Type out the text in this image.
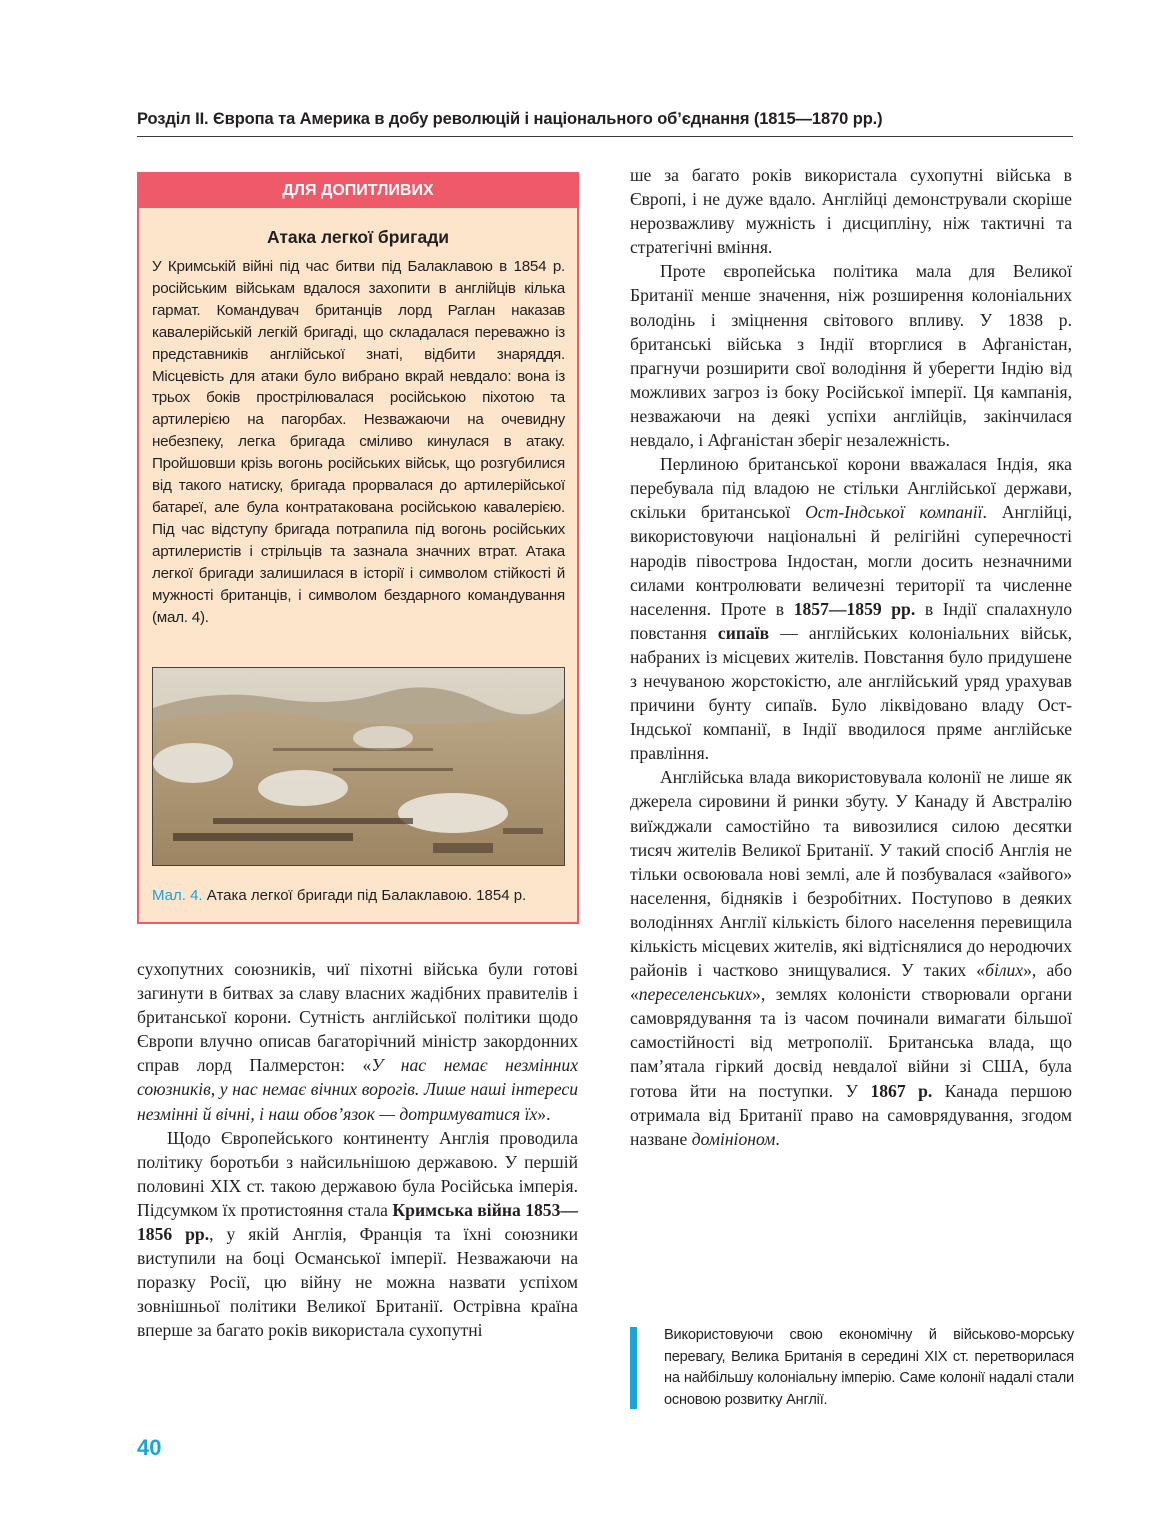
Розділ ІІ. Європа та Америка в добу революцій і національного об’єднання (1815—1870 рр.)
ДЛЯ ДОПИТЛИВИХ
Атака легкої бригади
У Кримській війні під час битви під Балаклавою в 1854 р. російським військам вдалося захопити в англійців кілька гармат. Командувач британців лорд Раглан наказав кавалерійській легкій бригаді, що складалася переважно із представників англійської знаті, відбити знаряддя. Місцевість для атаки було вибрано вкрай невдало: вона із трьох боків прострілювалася російською піхотою та артилерією на пагорбах. Незважаючи на очевидну небезпеку, легка бригада сміливо кинулася в атаку. Пройшовши крізь вогонь російських військ, що розгубилися від такого натиску, бригада прорвалася до артилерійської батареї, але була контратакована російською кавалерією. Під час відступу бригада потрапила під вогонь російських артилеристів і стрільців та зазнала значних втрат. Атака легкої бригади залишилася в історії і символом стійкості й мужності британців, і символом бездарного командування (мал. 4).
Мал. 4. Атака легкої бригади під Балаклавою. 1854 р.

сухопутних союзників, чиї піхотні війська були готові загинути в битвах за славу власних жадібних правителів і британської корони. Сутність англійської політики щодо Європи влучно описав багаторічний міністр закордонних справ лорд Палмерстон: «У нас немає незмінних союзників, у нас немає вічних ворогів. Лише наші інтереси незмінні й вічні, і наш обов’язок — дотримуватися їх».

Щодо Європейського континенту Англія проводила політику боротьби з найсильнішою державою. У першій половині XIX ст. такою державою була Російська імперія. Підсумком їх протистояння стала Кримська війна 1853—1856 рр., у якій Англія, Франція та їхні союзники виступили на боці Османської імперії. Незважаючи на поразку Росії, цю війну не можна назвати успіхом зовнішньої політики Великої Британії. Острівна країна вперше за багато років використала сухопутні

ше за багато років використала сухопутні війська в Європі, і не дуже вдало. Англійці демонстрували скоріше нерозважливу мужність і дисципліну, ніж тактичні та стратегічні вміння.

Проте європейська політика мала для Великої Британії менше значення, ніж розширення колоніальних володінь і зміцнення світового впливу. У 1838 р. британські війська з Індії вторглися в Афганістан, прагнучи розширити свої володіння й уберегти Індію від можливих загроз із боку Російської імперії. Ця кампанія, незважаючи на деякі успіхи англійців, закінчилася невдало, і Афганістан зберіг незалежність.

Перлиною британської корони вважалася Індія, яка перебувала під владою не стільки Англійської держави, скільки британської Ост-Індської компанії. Англійці, використовуючи національні й релігійні суперечності народів півострова Індостан, могли досить незначними силами контролювати величезні території та численне населення. Проте в 1857—1859 рр. в Індії спалахнуло повстання сипаїв — англійських колоніальних військ, набраних із місцевих жителів. Повстання було придушене з нечуваною жорстокістю, але англійський уряд урахував причини бунту сипаїв. Було ліквідовано владу Ост-Індської компанії, в Індії вводилося пряме англійське правління.

Англійська влада використовувала колонії не лише як джерела сировини й ринки збуту. У Канаду й Австралію виїжджали самостійно та вивозилися силою десятки тисяч жителів Великої Британії. У такий спосіб Англія не тільки освоювала нові землі, але й позбувалася «зайвого» населення, бідняків і безробітних. Поступово в деяких володіннях Англії кількість білого населення перевищила кількість місцевих жителів, які відтіснялися до неродючих районів і частково знищувалися. У таких «білих», або «переселенських», землях колоністи створювали органи самоврядування та із часом починали вимагати більшої самостійності від метрополії. Британська влада, що пам’ятала гіркий досвід невдалої війни зі США, була готова йти на поступки. У 1867 р. Канада першою отримала від Британії право на самоврядування, згодом назване домініоном.

Використовуючи свою економічну й військово-морську перевагу, Велика Британія в середині XIX ст. перетворилася на найбільшу колоніальну імперію. Саме колонії надалі стали основою розвитку Англії.
40
